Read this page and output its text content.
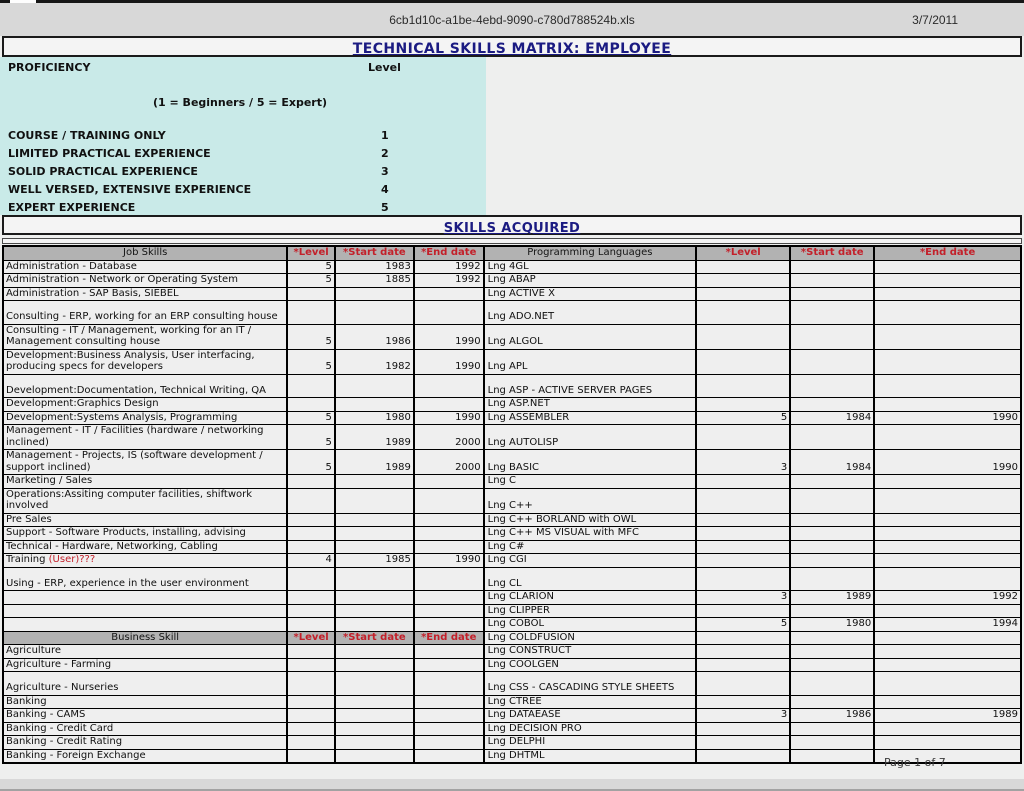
6cb1d10c-a1be-4ebd-9090-c780d788524b.xls	3/7/2011
TECHNICAL SKILLS MATRIX: EMPLOYEE
PROFICIENCY	Level
(1 = Beginners / 5 = Expert)
COURSE / TRAINING ONLY	1
LIMITED PRACTICAL EXPERIENCE	2
SOLID PRACTICAL EXPERIENCE	3
WELL VERSED, EXTENSIVE EXPERIENCE	4
EXPERT EXPERIENCE	5
SKILLS ACQUIRED
Job Skills	*Level	*Start date	*End date	Programming Languages	*Level	*Start date	*End date
Administration - Database	5	1983	1992	Lng 4GL			
Administration - Network or Operating System	5	1885	1992	Lng ABAP			
Administration - SAP Basis, SIEBEL				Lng ACTIVE X			
Consulting - ERP, working for an ERP consulting house				Lng ADO.NET			
Consulting - IT / Management, working for an IT / Management consulting house	5	1986	1990	Lng ALGOL			
Development:Business Analysis, User interfacing, producing specs for developers	5	1982	1990	Lng APL			
Development:Documentation, Technical Writing, QA				Lng ASP - ACTIVE SERVER PAGES			
Development:Graphics Design				Lng ASP.NET			
Development:Systems Analysis, Programming	5	1980	1990	Lng ASSEMBLER	5	1984	1990
Management - IT / Facilities (hardware / networking inclined)	5	1989	2000	Lng AUTOLISP			
Management - Projects, IS (software development / support inclined)	5	1989	2000	Lng BASIC	3	1984	1990
Marketing / Sales				Lng C			
Operations:Assiting computer facilities, shiftwork involved				Lng C++			
Pre Sales				Lng C++ BORLAND with OWL			
Support - Software Products, installing, advising				Lng C++ MS VISUAL with MFC			
Technical - Hardware, Networking, Cabling				Lng C#			
Training (User)???	4	1985	1990	Lng CGI			
Using - ERP, experience in the user environment				Lng CL			
				Lng CLARION	3	1989	1992
				Lng CLIPPER			
				Lng COBOL	5	1980	1994
Business Skill	*Level	*Start date	*End date	Lng COLDFUSION			
Agriculture				Lng CONSTRUCT			
Agriculture - Farming				Lng COOLGEN			
Agriculture - Nurseries				Lng CSS - CASCADING STYLE SHEETS			
Banking				Lng CTREE			
Banking - CAMS				Lng DATAEASE	3	1986	1989
Banking - Credit Card				Lng DECISION PRO			
Banking - Credit Rating				Lng DELPHI			
Banking - Foreign Exchange				Lng DHTML			
Page 1 of 7
